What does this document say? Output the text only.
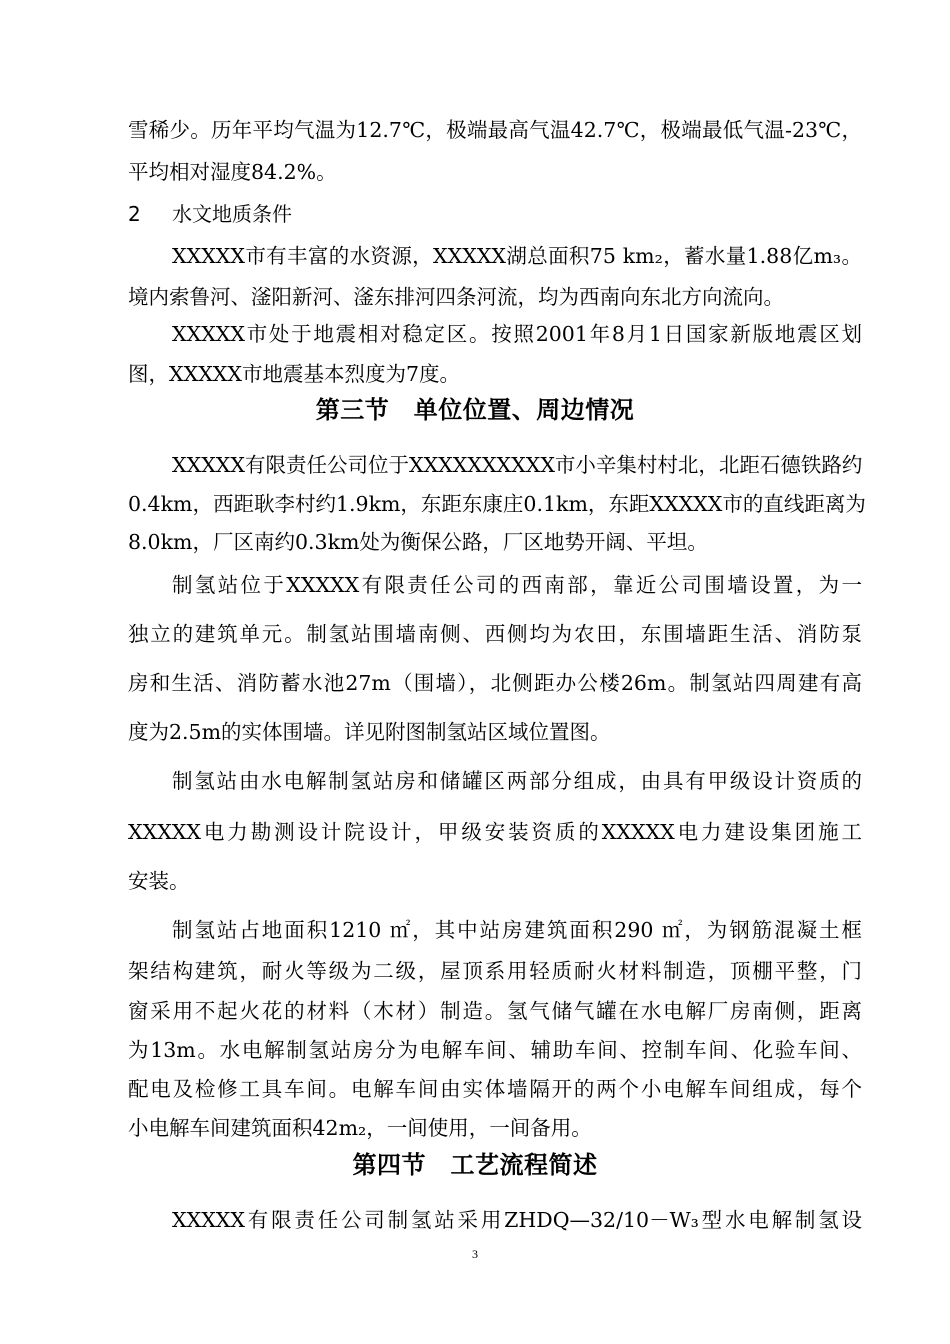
雪稀少。历年平均气温为12.7℃，极端最高气温42.7℃，极端最低气温-23℃，
平均相对湿度84.2%。
2 水文地质条件
XXXXX市有丰富的水资源，XXXXX湖总面积75 km₂，蓄水量1.88亿m₃。
境内索鲁河、滏阳新河、滏东排河四条河流，均为西南向东北方向流向。
XXXXX市处于地震相对稳定区。按照2001年8月1日国家新版地震区划
图，XXXXX市地震基本烈度为7度。
第三节　单位位置、周边情况
XXXXX有限责任公司位于XXXXXXXXXX市小辛集村村北，北距石德铁路约
0.4km，西距耿李村约1.9km，东距东康庄0.1km，东距XXXXX市的直线距离为
8.0km，厂区南约0.3km处为衡保公路，厂区地势开阔、平坦。
制氢站位于XXXXX有限责任公司的西南部，靠近公司围墙设置，为一
独立的建筑单元。制氢站围墙南侧、西侧均为农田，东围墙距生活、消防泵
房和生活、消防蓄水池27m（围墙），北侧距办公楼26m。制氢站四周建有高
度为2.5m的实体围墙。详见附图制氢站区域位置图。
制氢站由水电解制氢站房和储罐区两部分组成，由具有甲级设计资质的
XXXXX电力勘测设计院设计，甲级安装资质的XXXXX电力建设集团施工
安装。
制氢站占地面积1210 ㎡，其中站房建筑面积290 ㎡，为钢筋混凝土框
架结构建筑，耐火等级为二级，屋顶系用轻质耐火材料制造，顶棚平整，门
窗采用不起火花的材料（木材）制造。氢气储气罐在水电解厂房南侧，距离
为13m。水电解制氢站房分为电解车间、辅助车间、控制车间、化验车间、
配电及检修工具车间。电解车间由实体墙隔开的两个小电解车间组成，每个
小电解车间建筑面积42m₂，一间使用，一间备用。
第四节　工艺流程简述
XXXXX有限责任公司制氢站采用ZHDQ—32/10－W₃型水电解制氢设
3
